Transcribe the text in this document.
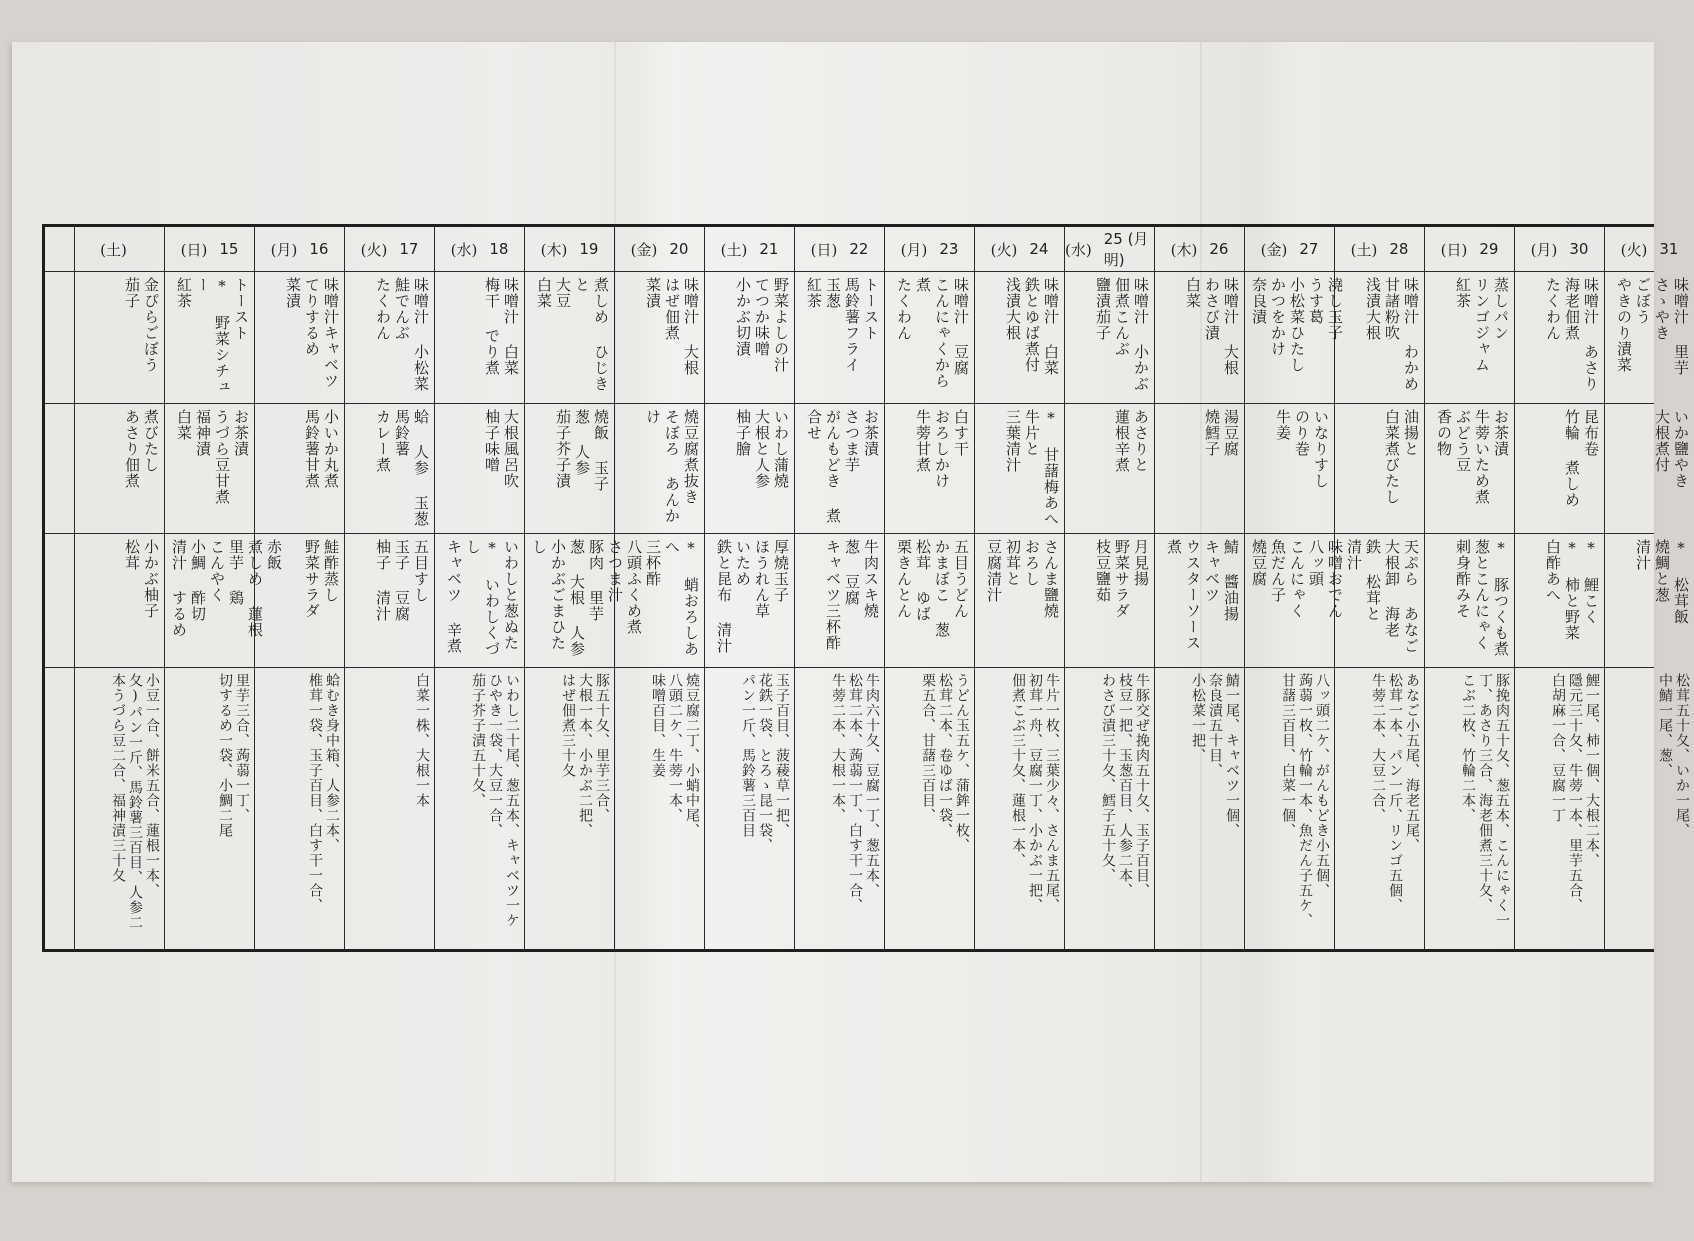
(火) 31
味噌汁 里芋
さゝやき
ごぼう
やきのり漬菜
いか鹽やき
大根煮付
* 松茸飯
燒鯛と葱
清汁
松茸五十夂、いか一尾、
中鯖一尾、葱、
(月) 30
味噌汁 あさり
海老佃煮
たくわん
昆布卷
竹輪 煮しめ
* 鯉こく
* 柿と野菜
白酢あへ
鯉一尾、柿一個、大根二本、
隱元三十夂、牛蒡一本、里芋五合、
白胡麻一合、豆腐一丁
(日) 29
蒸しパン
リンゴジャム
紅茶
お茶漬
牛蒡いため煮
ぶどう豆
香の物
* 豚つくも煮
葱とこんにゃく
刺身酢みそ
豚挽肉五十夂、葱五本、こんにゃく一
丁、あさり三合、海老佃煮三十夂、
こぶ二枚、竹輪二本、
(土) 28
味噌汁 わかめ
甘諸粉吹
浅漬大根
油揚と
白菜煮びたし
天ぷら あなご
大根卸 海老
鉄 松茸と
清汁
あなご小五尾、海老五尾、
松茸一本、パン一斤、リンゴ五個、
牛蒡二本、大豆二合、
(金) 27
澆し玉子
うす葛
小松菜ひたし
かつをかけ
奈良漬
いなりすし
のり巻
牛姜
味噌おでん
八ッ頭
こんにゃく
魚だん子
燒豆腐
八ッ頭二ケ、がんもどき小五個、
蒟蒻一枚、竹輪一本、魚だん子五ケ、
甘藷三百目、白菜一個、
(木) 26
味噌汁 大根
わさび漬
白菜
湯豆腐
燒鱈子
鯖 醬油揚
キャベツ
ウスターソース煮
鯖一尾、キャベツ一個、
奈良漬五十目、
小松菜一把、
(水)
25 (月明)
味噌汁 小かぶ
佃煮こんぶ
鹽漬茄子
あさりと
蓮根辛煮
月見揚
野菜サラダ
枝豆鹽茹
牛豚交ぜ挽肉五十夂、玉子百目、
枝豆一把、玉葱百目、人参二本、
わさび漬三十夂、鱈子五十夂、
(火) 24
味噌汁 白菜
鉄とゆば煮付
浅漬大根
* 甘藷梅あへ
牛片と
三葉清汁
さんま鹽燒
おろし
初茸と
豆腐清汁
牛片一枚、三葉少々、さんま五尾、
初茸一舟、豆腐一丁、小かぶ一把、
佃煮こぶ三十夂、蓮根一本、
(月) 23
味噌汁 豆腐
こんにゃくから煮
たくわん
白す干
おろしかけ
牛蒡甘煮
五目うどん
かまぼこ 葱
松茸 ゆば
栗きんとん
うどん玉五ケ、蒲鉾一枚、
松茸二本、卷ゆば一袋、
栗五合、甘藷三百目、
(日) 22
トースト
馬鈴薯フライ
玉葱
紅茶
お茶漬
さつま芋
がんもどき 煮合せ
牛肉スキ燒
葱 豆腐
キャベツ三杯酢
牛肉六十夂、豆腐一丁、葱五本、
松茸二本、蒟蒻一丁、白す干一合、
牛蒡二本、大根一本、
(土) 21
野菜よしの汁
てつか味噌
小かぶ切漬
いわし蒲燒
大根と人参
柚子膾
厚燒玉子
ほうれん草
いため
鉄と昆布 清汁
玉子百目、菠薐草一把、
花鉄一袋、とろゝ昆一袋、
パン一斤、馬鈴薯三百目
(金) 20
味噌汁 大根
はぜ佃煮
菜漬
燒豆腐煮抜き
そぼろ あんかけ
* 蛸おろしあへ
三杯酢
八頭ふくめ煮
燒豆腐二丁、小蛸中尾、
八頭二ケ、牛蒡一本、
味噌百目、生姜
(木) 19
煮しめ ひじきと
大豆
白菜
燒飯 玉子
葱 人参
茄子芥子漬
さつま汁
豚肉 里芋
葱 大根 人参
小かぶごまひたし
豚五十夂、里芋三合、
大根一本、小かぶ二把、
はぜ佃煮三十夂
(水) 18
味噌汁 白菜
梅干 でり煮
大根風呂吹
柚子味噌
いわしと葱ぬた
* いわしくづし
キャベツ 辛煮
いわし二十尾、葱五本、キャベツ一ケ
ひやき一袋、大豆一合、
茄子芥子漬五十夂、
(火) 17
味噌汁 小松菜
鮭でんぶ
たくわん
蛤 人参 玉葱
馬鈴薯
カレー煮
五目すし
玉子 豆腐
柚子 清汁
白菜一株、大根一本
(月) 16
味噌汁キャベツ
てりするめ
菜漬
小いか丸煮
馬鈴薯甘煮
鮭酢蒸し
野菜サラダ
蛤むき身中箱、人参二本、
椎茸一袋、玉子百目、白す干一合、
(日) 15
トースト
* 野菜シチュー
紅茶
お茶漬
うづら豆甘煮
福神漬
白菜
赤飯
煮しめ 蓮根
里芋 鶏
こんやく
小鯛 酢切
清汁 するめ
里芋三合、蒟蒻一丁、
切するめ一袋、小鯛二尾
(土)
金ぴらごぼう
茄子
煮びたし
あさり佃煮
小かぶ柚子
松茸
小豆一合、餅米五合、蓮根一本、
夂)パン一斤、馬鈴薯三百目、人参二
本うづら豆二合、福神漬三十夂
